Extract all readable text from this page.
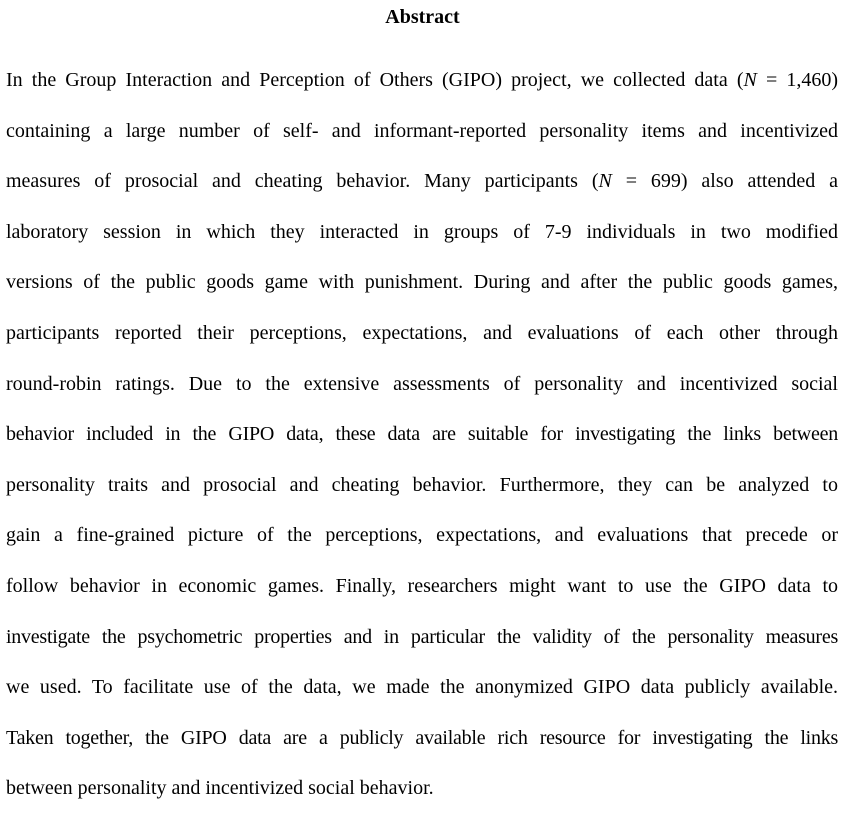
Abstract
In the Group Interaction and Perception of Others (GIPO) project, we collected data (N = 1,460)
containing a large number of self- and informant-reported personality items and incentivized
measures of prosocial and cheating behavior. Many participants (N = 699) also attended a
laboratory session in which they interacted in groups of 7-9 individuals in two modified
versions of the public goods game with punishment. During and after the public goods games,
participants reported their perceptions, expectations, and evaluations of each other through
round-robin ratings. Due to the extensive assessments of personality and incentivized social
behavior included in the GIPO data, these data are suitable for investigating the links between
personality traits and prosocial and cheating behavior. Furthermore, they can be analyzed to
gain a fine-grained picture of the perceptions, expectations, and evaluations that precede or
follow behavior in economic games. Finally, researchers might want to use the GIPO data to
investigate the psychometric properties and in particular the validity of the personality measures
we used. To facilitate use of the data, we made the anonymized GIPO data publicly available.
Taken together, the GIPO data are a publicly available rich resource for investigating the links
between personality and incentivized social behavior.
